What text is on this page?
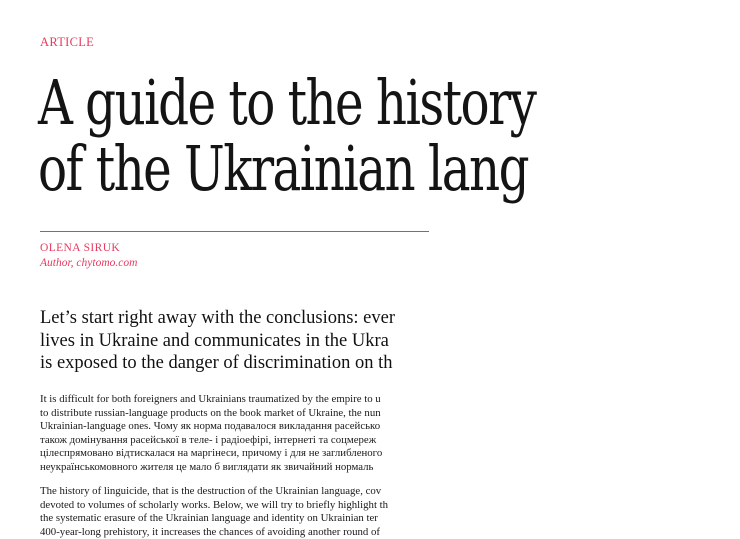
ARTICLE
A guide to the history
of the Ukrainian lang
OLENA SIRUK
Author, chytomo.com

Let’s start right away with the conclusions: ever
lives in Ukraine and communicates in the Ukra
is exposed to the danger of discrimination on th

It is difficult for both foreigners and Ukrainians traumatized by the empire to u
to distribute russian-language products on the book market of Ukraine, the nun
Ukrainian-language ones. Чому як норма подавалося викладання расейсько
також домінування расейської в теле- і радіоефірі, інтернеті та соцмереж
цілеспрямовано відтискалася на маргінеси, причому і для не заглибленого
неукраїнськомовного жителя це мало б виглядати як звичайний нормаль

The history of linguicide, that is the destruction of the Ukrainian language, cov
devoted to volumes of scholarly works. Below, we will try to briefly highlight th
the systematic erasure of the Ukrainian language and identity on Ukrainian ter
400-year-long prehistory, it increases the chances of avoiding another round of
